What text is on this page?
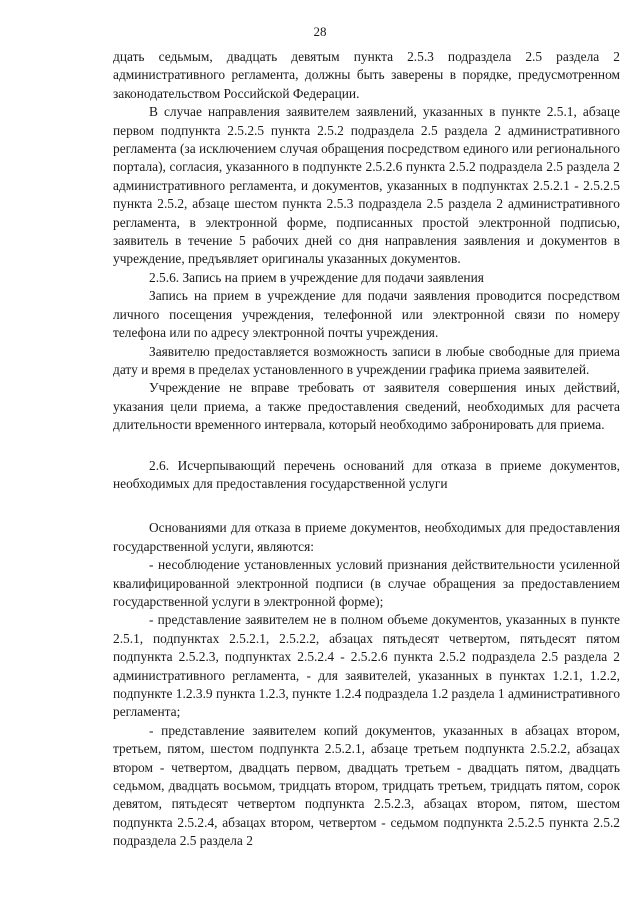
28

дцать седьмым, двадцать девятым пункта 2.5.3 подраздела 2.5 раздела 2 административного регламента, должны быть заверены в порядке, предусмотренном законодательством Российской Федерации.

В случае направления заявителем заявлений, указанных в пункте 2.5.1, абзаце первом подпункта 2.5.2.5 пункта 2.5.2 подраздела 2.5 раздела 2 административного регламента (за исключением случая обращения посредством единого или регионального портала), согласия, указанного в подпункте 2.5.2.6 пункта 2.5.2 подраздела 2.5 раздела 2 административного регламента, и документов, указанных в подпунктах 2.5.2.1 - 2.5.2.5 пункта 2.5.2, абзаце шестом пункта 2.5.3 подраздела 2.5 раздела 2 административного регламента, в электронной форме, подписанных простой электронной подписью, заявитель в течение 5 рабочих дней со дня направления заявления и документов в учреждение, предъявляет оригиналы указанных документов.

2.5.6. Запись на прием в учреждение для подачи заявления

Запись на прием в учреждение для подачи заявления проводится посредством личного посещения учреждения, телефонной или электронной связи по номеру телефона или по адресу электронной почты учреждения.

Заявителю предоставляется возможность записи в любые свободные для приема дату и время в пределах установленного в учреждении графика приема заявителей.

Учреждение не вправе требовать от заявителя совершения иных действий, указания цели приема, а также предоставления сведений, необходимых для расчета длительности временного интервала, который необходимо забронировать для приема.

2.6. Исчерпывающий перечень оснований для отказа в приеме документов, необходимых для предоставления государственной услуги

Основаниями для отказа в приеме документов, необходимых для предоставления государственной услуги, являются:

- несоблюдение установленных условий признания действительности усиленной квалифицированной электронной подписи (в случае обращения за предоставлением государственной услуги в электронной форме);

- представление заявителем не в полном объеме документов, указанных в пункте 2.5.1, подпунктах 2.5.2.1, 2.5.2.2, абзацах пятьдесят четвертом, пятьдесят пятом подпункта 2.5.2.3, подпунктах 2.5.2.4 - 2.5.2.6 пункта 2.5.2 подраздела 2.5 раздела 2 административного регламента, - для заявителей, указанных в пунктах 1.2.1, 1.2.2, подпункте 1.2.3.9 пункта 1.2.3, пункте 1.2.4 подраздела 1.2 раздела 1 административного регламента;

- представление заявителем копий документов, указанных в абзацах втором, третьем, пятом, шестом подпункта 2.5.2.1, абзаце третьем подпункта 2.5.2.2, абзацах втором - четвертом, двадцать первом, двадцать третьем - двадцать пятом, двадцать седьмом, двадцать восьмом, тридцать втором, тридцать третьем, тридцать пятом, сорок девятом, пятьдесят четвертом подпункта 2.5.2.3, абзацах втором, пятом, шестом подпункта 2.5.2.4, абзацах втором, четвертом - седьмом подпункта 2.5.2.5 пункта 2.5.2 подраздела 2.5 раздела 2
